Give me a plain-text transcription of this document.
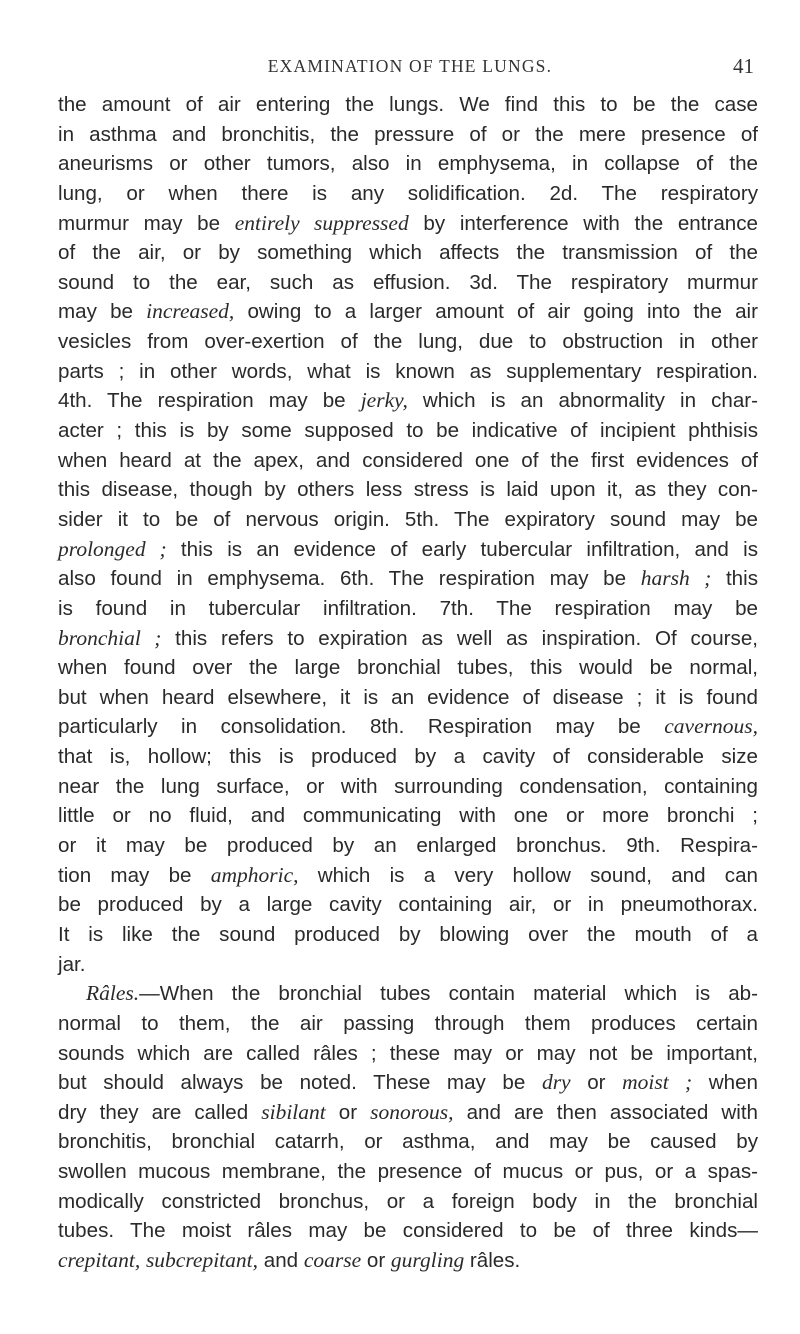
EXAMINATION OF THE LUNGS.	41
the amount of air entering the lungs. We find this to be the case
in asthma and bronchitis, the pressure of or the mere presence of
aneurisms or other tumors, also in emphysema, in collapse of the
lung, or when there is any solidification. 2d. The respiratory
murmur may be entirely suppressed by interference with the entrance
of the air, or by something which affects the transmission of the
sound to the ear, such as effusion. 3d. The respiratory murmur
may be increased, owing to a larger amount of air going into the air
vesicles from over-exertion of the lung, due to obstruction in other
parts ; in other words, what is known as supplementary respiration.
4th. The respiration may be jerky, which is an abnormality in char-
acter ; this is by some supposed to be indicative of incipient phthisis
when heard at the apex, and considered one of the first evidences of
this disease, though by others less stress is laid upon it, as they con-
sider it to be of nervous origin. 5th. The expiratory sound may be
prolonged ; this is an evidence of early tubercular infiltration, and is
also found in emphysema. 6th. The respiration may be harsh ; this
is found in tubercular infiltration. 7th. The respiration may be
bronchial ; this refers to expiration as well as inspiration. Of course,
when found over the large bronchial tubes, this would be normal,
but when heard elsewhere, it is an evidence of disease ; it is found
particularly in consolidation. 8th. Respiration may be cavernous,
that is, hollow; this is produced by a cavity of considerable size
near the lung surface, or with surrounding condensation, containing
little or no fluid, and communicating with one or more bronchi ;
or it may be produced by an enlarged bronchus. 9th. Respira-
tion may be amphoric, which is a very hollow sound, and can
be produced by a large cavity containing air, or in pneumothorax.
It is like the sound produced by blowing over the mouth of a
jar.
Râles.—When the bronchial tubes contain material which is ab-
normal to them, the air passing through them produces certain
sounds which are called râles ; these may or may not be important,
but should always be noted. These may be dry or moist ; when
dry they are called sibilant or sonorous, and are then associated with
bronchitis, bronchial catarrh, or asthma, and may be caused by
swollen mucous membrane, the presence of mucus or pus, or a spas-
modically constricted bronchus, or a foreign body in the bronchial
tubes. The moist râles may be considered to be of three kinds—
crepitant, subcrepitant, and coarse or gurgling râles.
